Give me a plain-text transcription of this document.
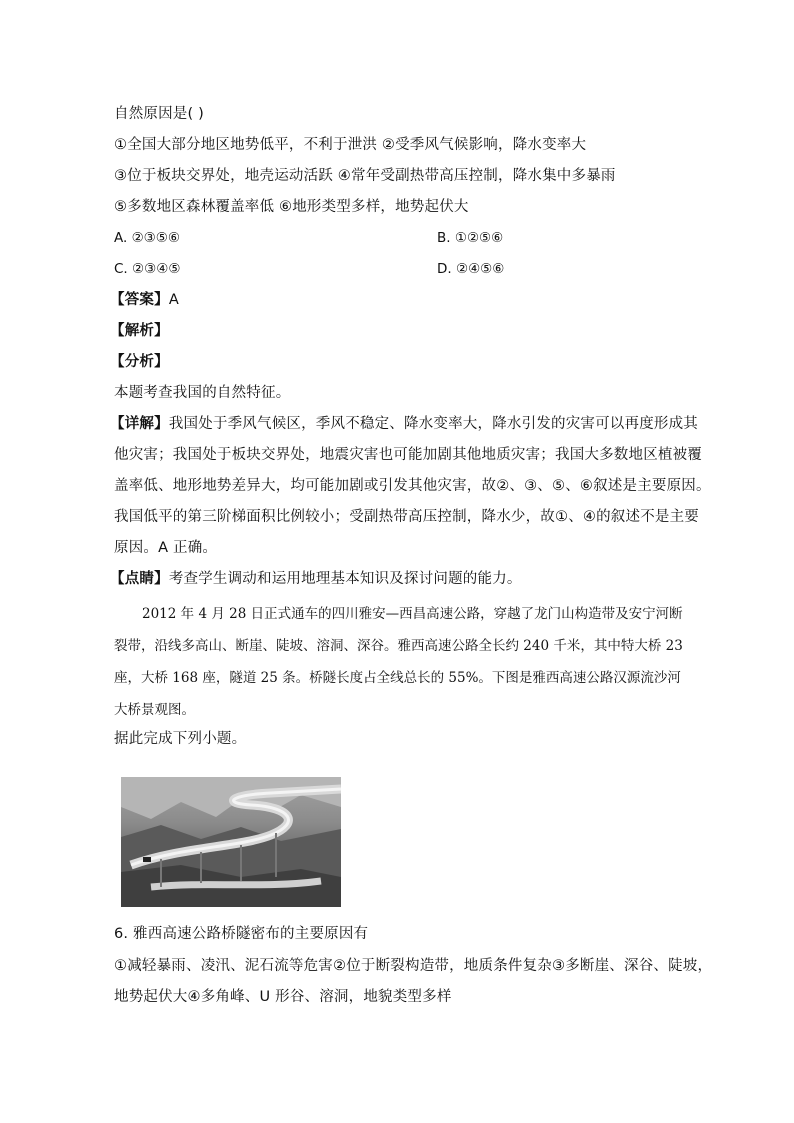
自然原因是( )
①全国大部分地区地势低平，不利于泄洪 ②受季风气候影响，降水变率大
③位于板块交界处，地壳运动活跃 ④常年受副热带高压控制，降水集中多暴雨
⑤多数地区森林覆盖率低 ⑥地形类型多样，地势起伏大
A. ②③⑤⑥	B. ①②⑤⑥
C. ②③④⑤	D. ②④⑤⑥
【答案】A
【解析】
【分析】
本题考查我国的自然特征。
【详解】我国处于季风气候区，季风不稳定、降水变率大，降水引发的灾害可以再度形成其
他灾害；我国处于板块交界处，地震灾害也可能加剧其他地质灾害；我国大多数地区植被覆
盖率低、地形地势差异大，均可能加剧或引发其他灾害，故②、③、⑤、⑥叙述是主要原因。
我国低平的第三阶梯面积比例较小；受副热带高压控制，降水少，故①、④的叙述不是主要
原因。A 正确。
【点睛】考查学生调动和运用地理基本知识及探讨问题的能力。
2012 年 4 月 28 日正式通车的四川雅安—西昌高速公路，穿越了龙门山构造带及安宁河断
裂带，沿线多高山、断崖、陡坡、溶洞、深谷。雅西高速公路全长约 240 千米，其中特大桥 23
座，大桥 168 座，隧道 25 条。桥隧长度占全线总长的 55%。下图是雅西高速公路汉源流沙河
大桥景观图。
据此完成下列小题。
6. 雅西高速公路桥隧密布的主要原因有
①减轻暴雨、凌汛、泥石流等危害②位于断裂构造带，地质条件复杂③多断崖、深谷、陡坡，
地势起伏大④多角峰、U 形谷、溶洞，地貌类型多样
